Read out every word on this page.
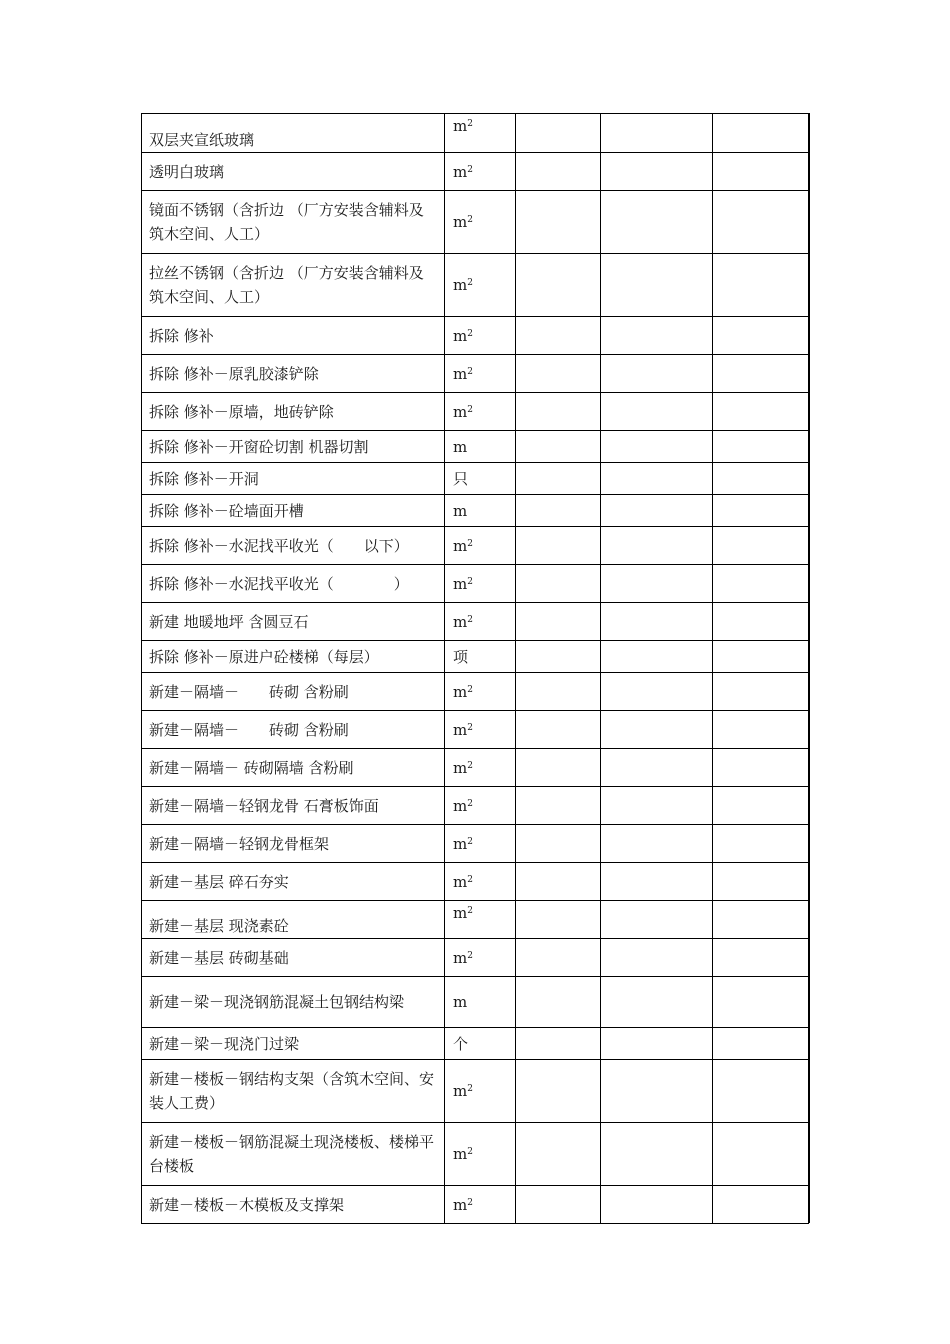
双层夹宣纸玻璃	$m^2$			
透明白玻璃	$m^2$			
镜面不锈钢（含折边 （厂方安装含辅料及筑木空间、人工）	$m^2$			
拉丝不锈钢（含折边 （厂方安装含辅料及筑木空间、人工）	$m^2$			
拆除 修补	$m^2$			
拆除 修补－原乳胶漆铲除	$m^2$			
拆除 修补－原墙，地砖铲除	$m^2$			
拆除 修补－开窗砼切割 机器切割	m			
拆除 修补－开洞	只			
拆除 修补－砼墙面开槽	m			
拆除 修补－水泥找平收光（　　以下）	$m^2$			
拆除 修补－水泥找平收光（　　　　）	$m^2$			
新建 地暖地坪 含圆豆石	$m^2$			
拆除 修补－原进户砼楼梯（每层）	项			
新建－隔墙－　　砖砌 含粉刷	$m^2$			
新建－隔墙－　　砖砌 含粉刷	$m^2$			
新建－隔墙－ 砖砌隔墙 含粉刷	$m^2$			
新建－隔墙－轻钢龙骨 石膏板饰面	$m^2$			
新建－隔墙－轻钢龙骨框架	$m^2$			
新建－基层 碎石夯实	$m^2$			
新建－基层 现浇素砼	$m^2$			
新建－基层 砖砌基础	$m^2$			
新建－梁－现浇钢筋混凝土包钢结构梁	m			
新建－梁－现浇门过梁	个			
新建－楼板－钢结构支架（含筑木空间、安装人工费）	$m^2$			
新建－楼板－钢筋混凝土现浇楼板、楼梯平台楼板	$m^2$			
新建－楼板－木模板及支撑架	$m^2$			
